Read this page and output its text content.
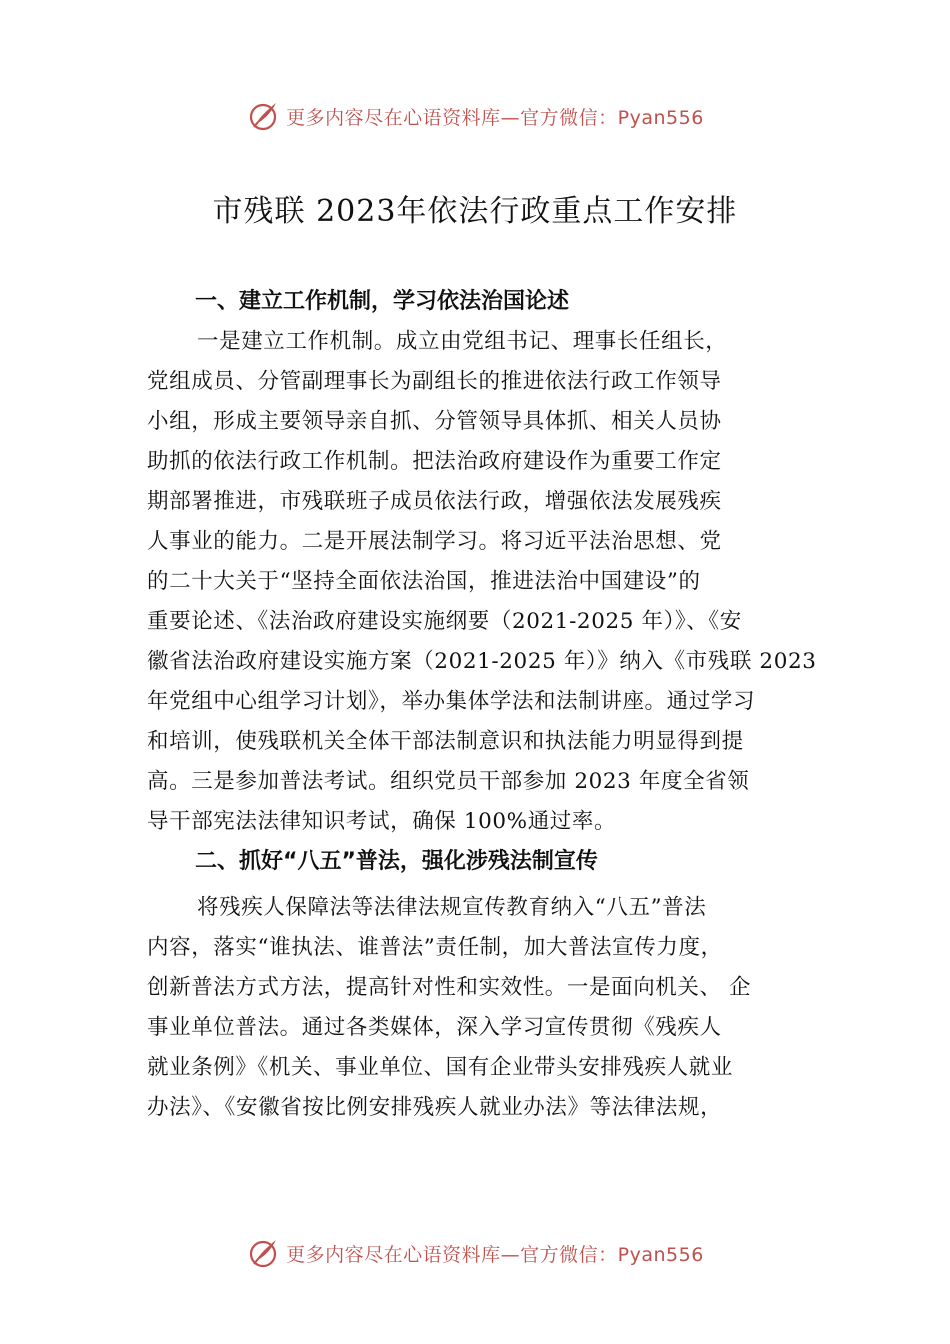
更多内容尽在心语资料库—官方微信：Pyan556
市残联 2023年依法行政重点工作安排
一、建立工作机制，学习依法治国论述

一是建立工作机制。成立由党组书记、理事长任组长，

党组成员、分管副理事长为副组长的推进依法行政工作领导

小组，形成主要领导亲自抓、分管领导具体抓、相关人员协

助抓的依法行政工作机制。把法治政府建设作为重要工作定

期部署推进，市残联班子成员依法行政，增强依法发展残疾

人事业的能力。二是开展法制学习。将习近平法治思想、党

的二十大关于“坚持全面依法治国，推进法治中国建设”的

重要论述、《法治政府建设实施纲要（2021-2025 年）》、《安

徽省法治政府建设实施方案（2021-2025 年）》纳入《市残联 2023

年党组中心组学习计划》，举办集体学法和法制讲座。通过学习

和培训，使残联机关全体干部法制意识和执法能力明显得到提

高。三是参加普法考试。组织党员干部参加 2023 年度全省领

导干部宪法法律知识考试，确保 100%通过率。

二、抓好“八五”普法，强化涉残法制宣传

将残疾人保障法等法律法规宣传教育纳入“八五”普法

内容，落实“谁执法、谁普法”责任制，加大普法宣传力度，

创新普法方式方法，提高针对性和实效性。一是面向机关、 企

事业单位普法。通过各类媒体，深入学习宣传贯彻《残疾人

就业条例》《机关、事业单位、国有企业带头安排残疾人就业

办法》、《安徽省按比例安排残疾人就业办法》等法律法规，

更多内容尽在心语资料库—官方微信：Pyan556
